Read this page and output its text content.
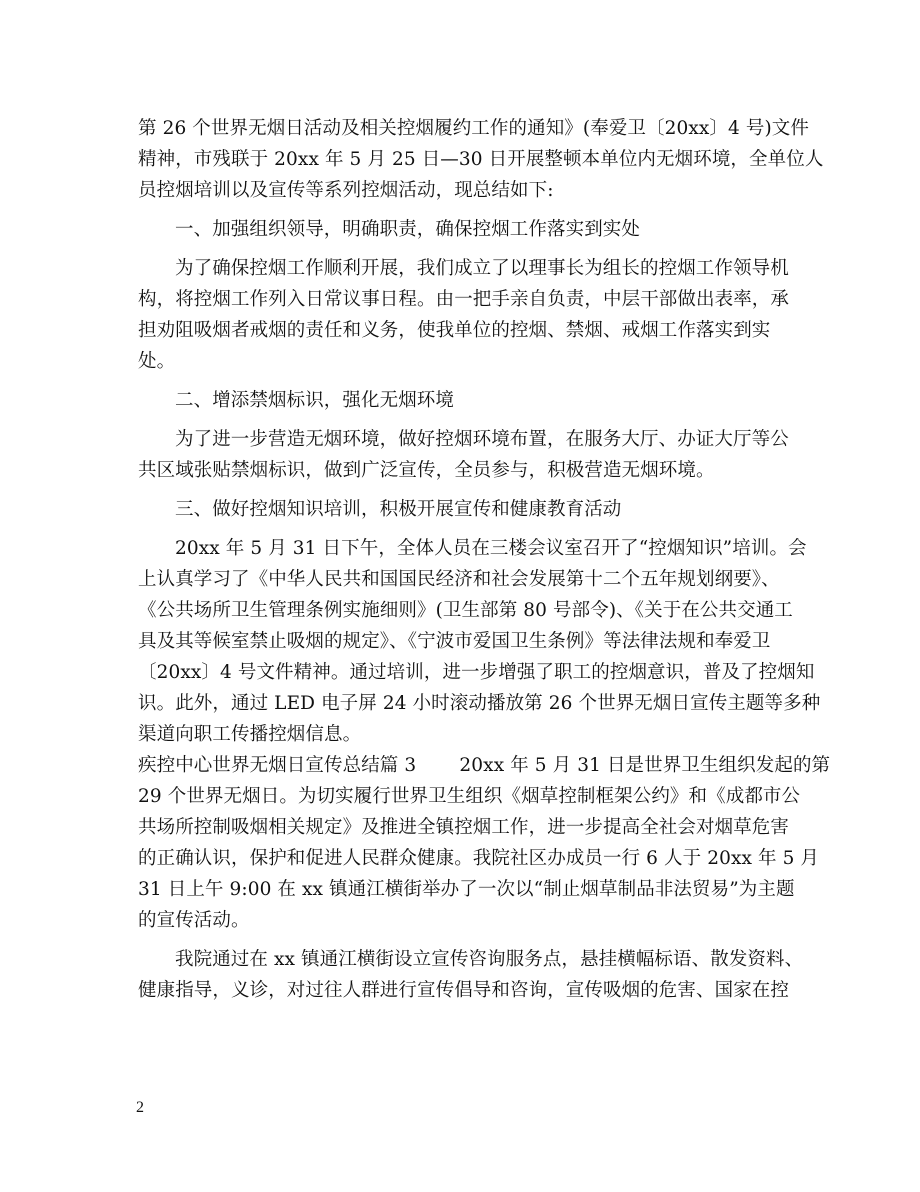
第 26 个世界无烟日活动及相关控烟履约工作的通知》(奉爱卫〔20xx〕4 号)文件
精神，市残联于 20xx 年 5 月 25 日—30 日开展整顿本单位内无烟环境，全单位人
员控烟培训以及宣传等系列控烟活动，现总结如下:
一、加强组织领导，明确职责，确保控烟工作落实到实处
为了确保控烟工作顺利开展，我们成立了以理事长为组长的控烟工作领导机
构，将控烟工作列入日常议事日程。由一把手亲自负责，中层干部做出表率，承
担劝阻吸烟者戒烟的责任和义务，使我单位的控烟、禁烟、戒烟工作落实到实
处。
二、增添禁烟标识，强化无烟环境
为了进一步营造无烟环境，做好控烟环境布置，在服务大厅、办证大厅等公
共区域张贴禁烟标识，做到广泛宣传，全员参与，积极营造无烟环境。
三、做好控烟知识培训，积极开展宣传和健康教育活动
20xx 年 5 月 31 日下午，全体人员在三楼会议室召开了“控烟知识”培训。会
上认真学习了《中华人民共和国国民经济和社会发展第十二个五年规划纲要》、
《公共场所卫生管理条例实施细则》(卫生部第 80 号部令)、《关于在公共交通工
具及其等候室禁止吸烟的规定》、《宁波市爱国卫生条例》等法律法规和奉爱卫
〔20xx〕4 号文件精神。通过培训，进一步增强了职工的控烟意识，普及了控烟知
识。此外，通过 LED 电子屏 24 小时滚动播放第 26 个世界无烟日宣传主题等多种
渠道向职工传播控烟信息。
疾控中心世界无烟日宣传总结篇 3　　 20xx 年 5 月 31 日是世界卫生组织发起的第
29 个世界无烟日。为切实履行世界卫生组织《烟草控制框架公约》和《成都市公
共场所控制吸烟相关规定》及推进全镇控烟工作，进一步提高全社会对烟草危害
的正确认识，保护和促进人民群众健康。我院社区办成员一行 6 人于 20xx 年 5 月
31 日上午 9:00 在 xx 镇通江横街举办了一次以“制止烟草制品非法贸易”为主题
的宣传活动。
我院通过在 xx 镇通江横街设立宣传咨询服务点，悬挂横幅标语、散发资料、
健康指导，义诊，对过往人群进行宣传倡导和咨询，宣传吸烟的危害、国家在控
2
